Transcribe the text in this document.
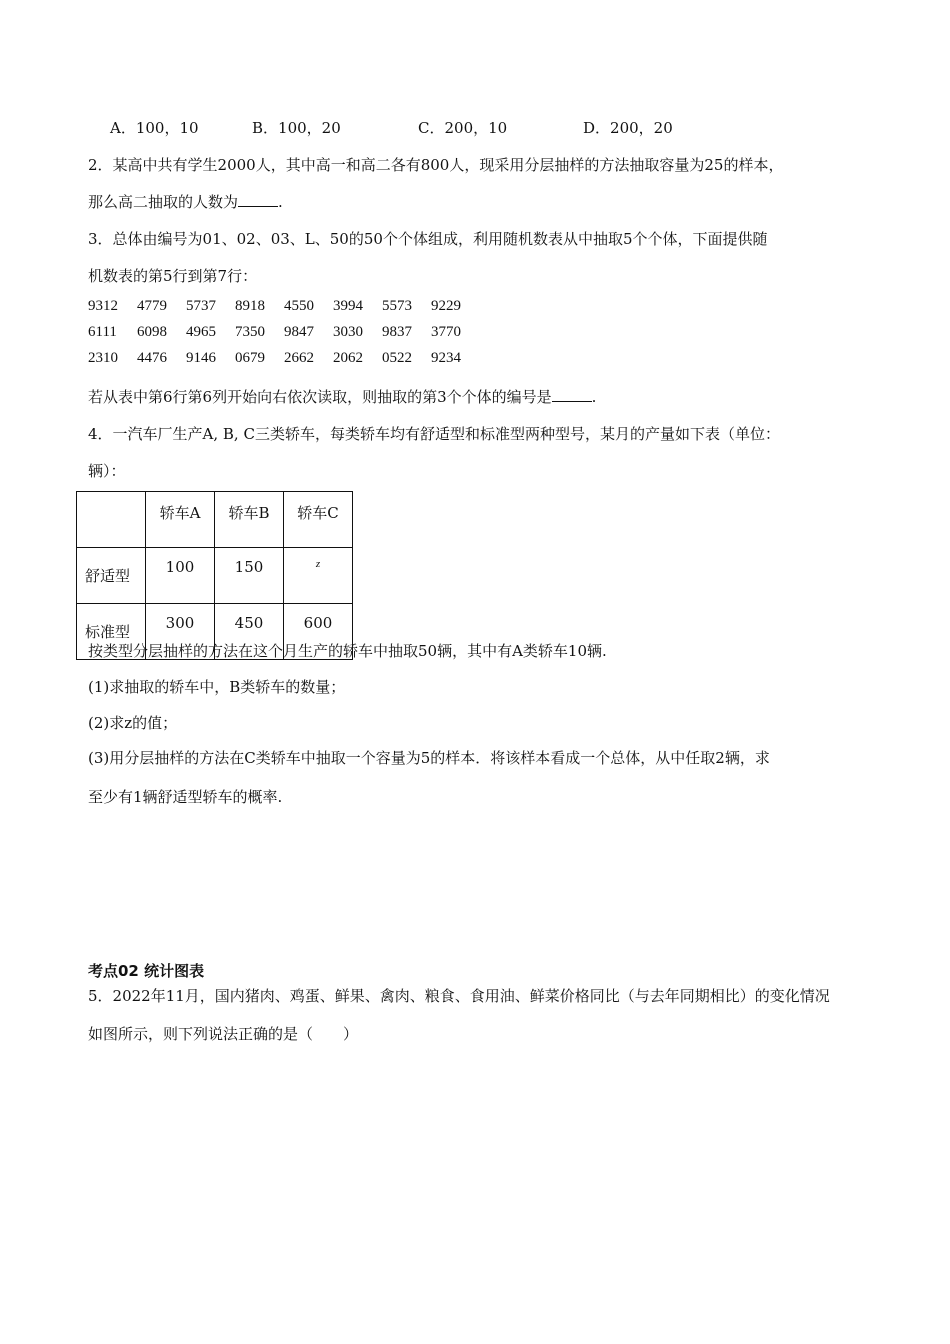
A．100，10	B．100，20	C．200，10	D．200，20
2．某高中共有学生2000人，其中高一和高二各有800人，现采用分层抽样的方法抽取容量为25的样本，
那么高二抽取的人数为	.
3．总体由编号为01、02、03、L、50的50个个体组成，利用随机数表从中抽取5个个体，下面提供随
机数表的第5行到第7行：
9312 4779 5737 8918 4550 3994 5573 9229
6111 6098 4965 7350 9847 3030 9837 3770
2310 4476 9146 0679 2662 2062 0522 9234
若从表中第6行第6列开始向右依次读取，则抽取的第3个个体的编号是	.
4．一汽车厂生产A, B, C三类轿车，每类轿车均有舒适型和标准型两种型号，某月的产量如下表（单位：
辆）：
	轿车A	轿车B	轿车C
舒适型	100	150	z
标准型	300	450	600
按类型分层抽样的方法在这个月生产的轿车中抽取50辆，其中有A类轿车10辆.
(1)求抽取的轿车中，B类轿车的数量；
(2)求z的值；
(3)用分层抽样的方法在C类轿车中抽取一个容量为5的样本．将该样本看成一个总体，从中任取2辆，求
至少有1辆舒适型轿车的概率.
考点02 统计图表
5．2022年11月，国内猪肉、鸡蛋、鲜果、禽肉、粮食、食用油、鲜菜价格同比（与去年同期相比）的变化情况
如图所示，则下列说法正确的是（　　）
